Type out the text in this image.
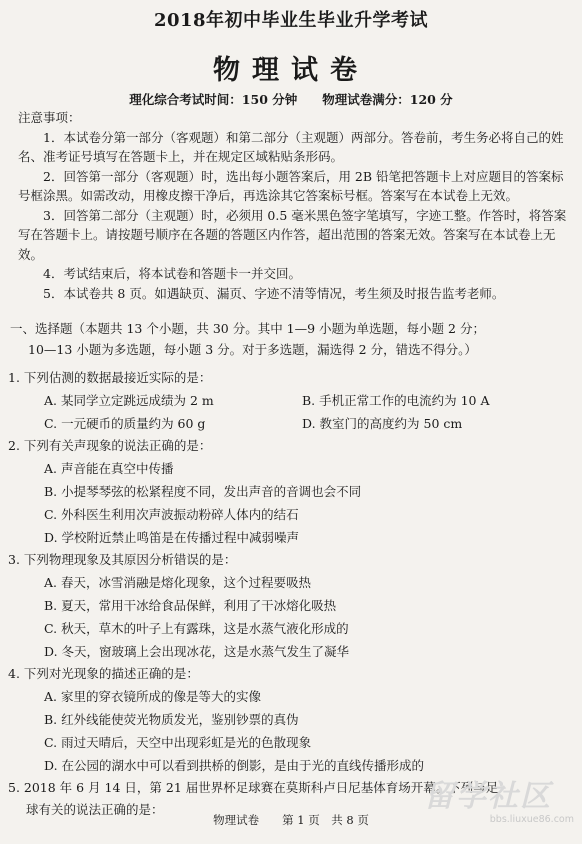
2018年初中毕业生毕业升学考试
物理试卷
理化综合考试时间：150 分钟　　物理试卷满分：120 分

注意事项：

1．本试卷分第一部分（客观题）和第二部分（主观题）两部分。答卷前，考生务必将自己的姓名、准考证号填写在答题卡上，并在规定区域粘贴条形码。

2．回答第一部分（客观题）时，选出每小题答案后，用 2B 铅笔把答题卡上对应题目的答案标号框涂黑。如需改动，用橡皮擦干净后，再选涂其它答案标号框。答案写在本试卷上无效。

3．回答第二部分（主观题）时，必须用 0.5 毫米黑色签字笔填写，字迹工整。作答时，将答案写在答题卡上。请按题号顺序在各题的答题区内作答，超出范围的答案无效。答案写在本试卷上无效。

4．考试结束后，将本试卷和答题卡一并交回。

5．本试卷共 8 页。如遇缺页、漏页、字迹不清等情况，考生须及时报告监考老师。

一、选择题（本题共 13 个小题，共 30 分。其中 1—9 小题为单选题，每小题 2 分；

10—13 小题为多选题，每小题 3 分。对于多选题，漏选得 2 分，错选不得分。）

1. 下列估测的数据最接近实际的是：
A. 某同学立定跳远成绩为 2 m	B. 手机正常工作的电流约为 10 A
C. 一元硬币的质量约为 60 g	D. 教室门的高度约为 50 cm
2. 下列有关声现象的说法正确的是：
A. 声音能在真空中传播
B. 小提琴琴弦的松紧程度不同，发出声音的音调也会不同
C. 外科医生利用次声波振动粉碎人体内的结石
D. 学校附近禁止鸣笛是在传播过程中减弱噪声
3. 下列物理现象及其原因分析错误的是：
A. 春天，冰雪消融是熔化现象，这个过程要吸热
B. 夏天，常用干冰给食品保鲜，利用了干冰熔化吸热
C. 秋天，草木的叶子上有露珠，这是水蒸气液化形成的
D. 冬天，窗玻璃上会出现冰花，这是水蒸气发生了凝华
4. 下列对光现象的描述正确的是：
A. 家里的穿衣镜所成的像是等大的实像
B. 红外线能使荧光物质发光，鉴别钞票的真伪
C. 雨过天晴后，天空中出现彩虹是光的色散现象
D. 在公园的湖水中可以看到拱桥的倒影，是由于光的直线传播形成的
5. 2018 年 6 月 14 日，第 21 届世界杯足球赛在莫斯科卢日尼基体育场开幕。下列与足
球有关的说法正确的是：
物理试卷　　第 1 页　共 8 页
留学社区
bbs.liuxue86.com
